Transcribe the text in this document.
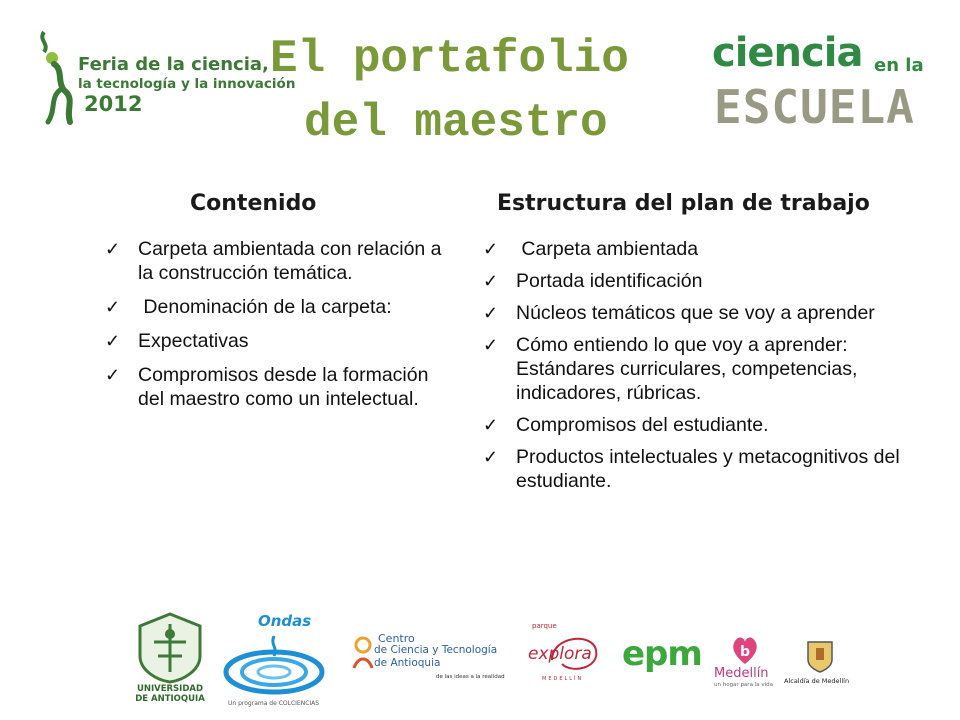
Feria de la ciencia,
la tecnología y la innovación
2012
El portafolio
del maestro
ciencia en la
ESCUELA
Contenido	Estructura del plan de trabajo
✓ Carpeta ambientada con relación a la construcción temática.
✓ Denominación de la carpeta:
✓ Expectativas
✓ Compromisos desde la formación del maestro como un intelectual.
✓ Carpeta ambientada
✓ Portada identificación
✓ Núcleos temáticos que se voy a aprender
✓ Cómo entiendo lo que voy a aprender: Estándares curriculares, competencias, indicadores, rúbricas.
✓ Compromisos del estudiante.
✓ Productos intelectuales y metacognitivos del estudiante.
UNIVERSIDAD
DE ANTIOQUIA
Ondas
Un programa de COLCIENCIAS
Centro
de Ciencia y Tecnología
de Antioquia
de las ideas a la realidad
parque
explora
MEDELLÍN
epm	b
Medellín
un hogar para la vida Alcaldía de Medellín
